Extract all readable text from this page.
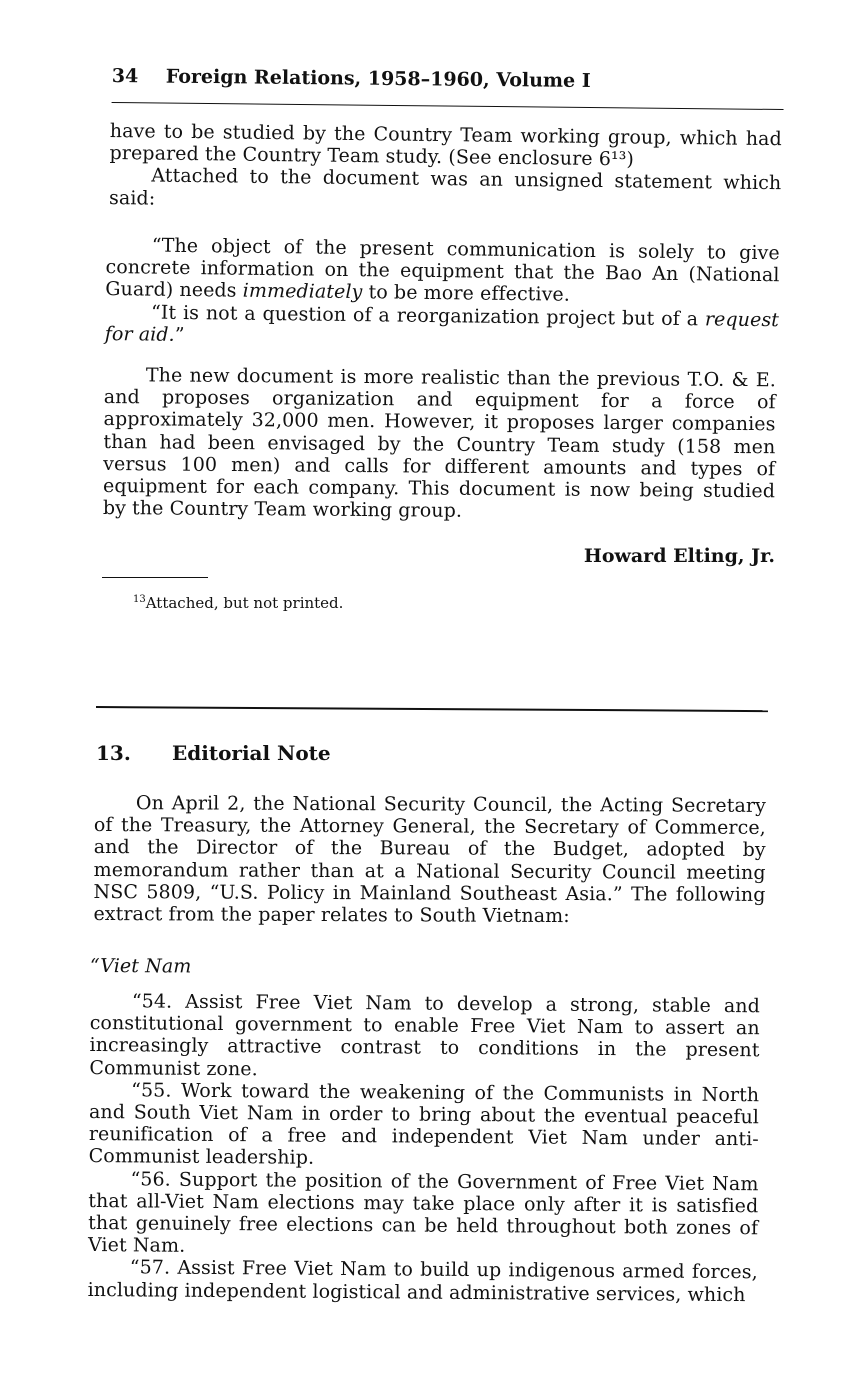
34 Foreign Relations, 1958–1960, Volume I

have to be studied by the Country Team working group, which had prepared the Country Team study. (See enclosure 6¹³)

Attached to the document was an unsigned statement which said:

“The object of the present communication is solely to give concrete information on the equipment that the Bao An (National Guard) needs immediately to be more effective.

“It is not a question of a reorganization project but of a request for aid.”

The new document is more realistic than the previous T.O. & E. and proposes organization and equipment for a force of approximately 32,000 men. However, it proposes larger companies than had been envisaged by the Country Team study (158 men versus 100 men) and calls for different amounts and types of equipment for each company. This document is now being studied by the Country Team working group.

Howard Elting, Jr.
$^{13}$Attached, but not printed.
13. Editorial Note

On April 2, the National Security Council, the Acting Secretary of the Treasury, the Attorney General, the Secretary of Commerce, and the Director of the Bureau of the Budget, adopted by memorandum rather than at a National Security Council meeting NSC 5809, “U.S. Policy in Mainland Southeast Asia.” The following extract from the paper relates to South Vietnam:

“Viet Nam

“54. Assist Free Viet Nam to develop a strong, stable and constitutional government to enable Free Viet Nam to assert an increasingly attractive contrast to conditions in the present Communist zone.

“55. Work toward the weakening of the Communists in North and South Viet Nam in order to bring about the eventual peaceful reunification of a free and independent Viet Nam under anti-Communist leadership.

“56. Support the position of the Government of Free Viet Nam that all-Viet Nam elections may take place only after it is satisfied that genuinely free elections can be held throughout both zones of Viet Nam.

“57. Assist Free Viet Nam to build up indigenous armed forces, including independent logistical and administrative services, which
